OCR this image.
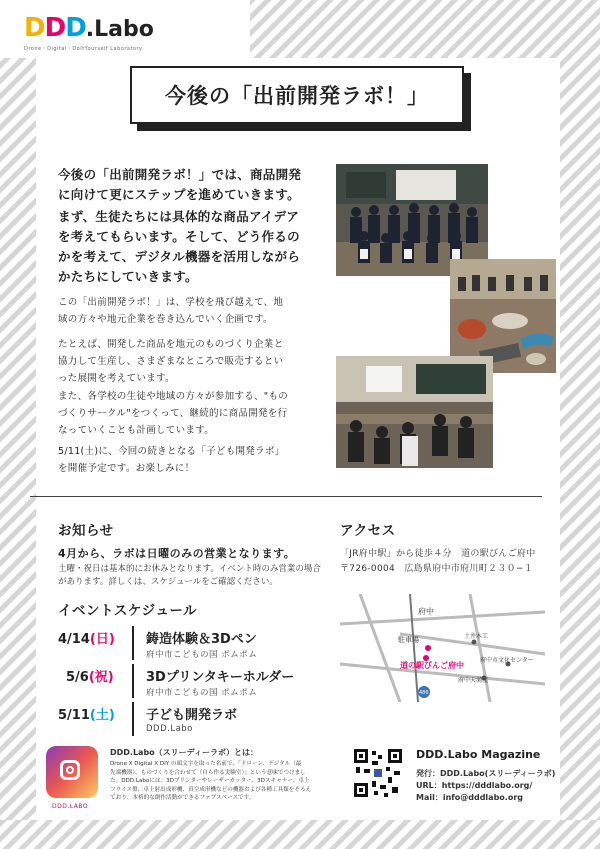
DDD.Labo
Drone・Digital・DoItYourself Laboratory
今後の「出前開発ラボ！」
今後の「出前開発ラボ！」では、商品開発
に向けて更にステップを進めていきます。
まず、生徒たちには具体的な商品アイデア
を考えてもらいます。そして、どう作るの
かを考えて、デジタル機器を活用しながら
かたちにしていきます。
この「出前開発ラボ！」は、学校を飛び越えて、地
域の方々や地元企業を巻き込んでいく企画です。
たとえば、開発した商品を地元のものづくり企業と
協力して生産し、さまざまなところで販売するとい
った展開を考えています。
また、各学校の生徒や地域の方々が参加する、"もの
づくりサークル"をつくって、継続的に商品開発を行
なっていくことも計画しています。
5/11(土)に、今回の続きとなる「子ども開発ラボ」
を開催予定です。お楽しみに！
お知らせ
4月から、ラボは日曜のみの営業となります。
土曜・祝日は基本的にお休みとなります。イベント時のみ営業の場合
があります。詳しくは、スケジュールをご確認ください。
イベントスケジュール
4/14(日) 鋳造体験＆3Dペン
府中市こどもの国 ポムポム
5/6(祝) 3Dプリンタキーホルダー
府中市こどもの国 ポムポム
5/11(土) 子ども開発ラボ
DDD.Labo
アクセス
「JR府中駅」から徒歩４分　道の駅びんご府中
〒726-0004　広島県府中市府川町２３０−１
府中
駐車場
道の駅びんご府中
土井木工
府中市文化センター
府中天満屋
486
DDD.LABO
DDD.Labo（スリーディーラボ）とは：
Drone X Digital X DIY の頭文字を取った名前で、「ドローン、デジタル（最
先端機器）、ものづくりを合わせて（自ら作る実験室）」という意味でつけまし
た。DDD.Laboには、3Dプリンターやレーザーカッター、3Dスキャナー、卓上
フライス盤、卓上射出成形機、真空成形機などの機器および各種工具類をそろえ
ており、本格的な創作活動ができるファブスペースです。
DDD.Labo Magazine
発行：DDD.Labo(スリーディーラボ)
URL：https://dddlabo.org/
Mail：info@dddlabo.org
